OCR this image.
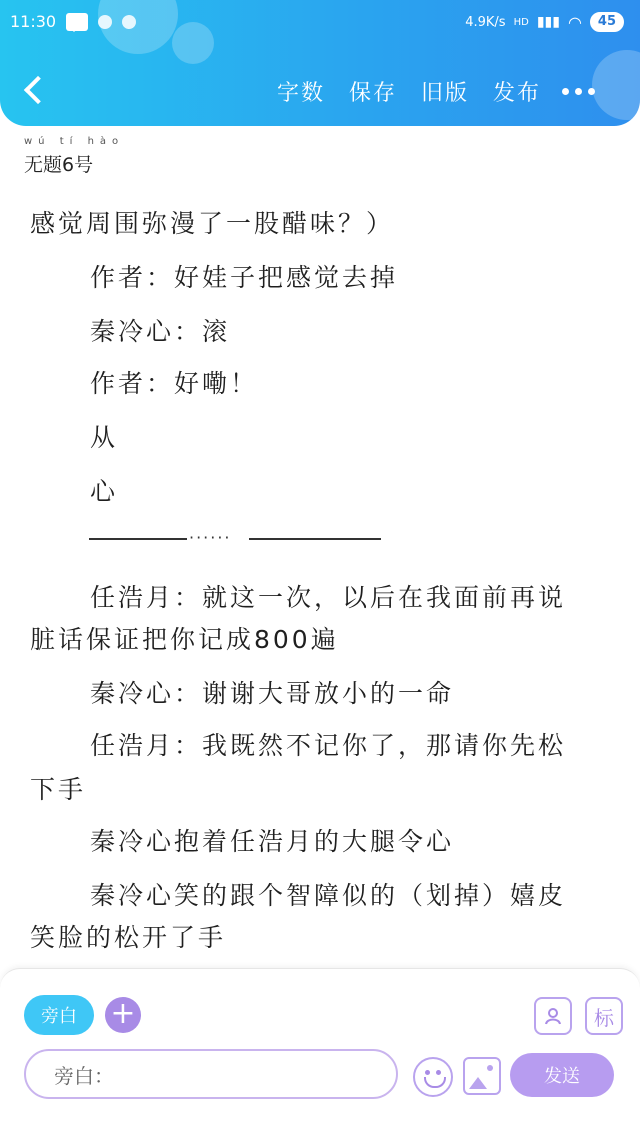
11:30	4.9K/s HD ▮▮▮ ◠	45
字数 保存 旧版 发布
wú tí hào
无题6号
感觉周围弥漫了一股醋味？）
作者：好娃子把感觉去掉
秦冷心：滚
作者：好嘞！
从
心
······
任浩月：就这一次，以后在我面前再说
脏话保证把你记成800遍
秦冷心：谢谢大哥放小的一命
任浩月：我既然不记你了，那请你先松
下手
秦冷心抱着任浩月的大腿令心
秦冷心笑的跟个智障似的（划掉）嬉皮
笑脸的松开了手
旁白	+	标
旁白：	发送
